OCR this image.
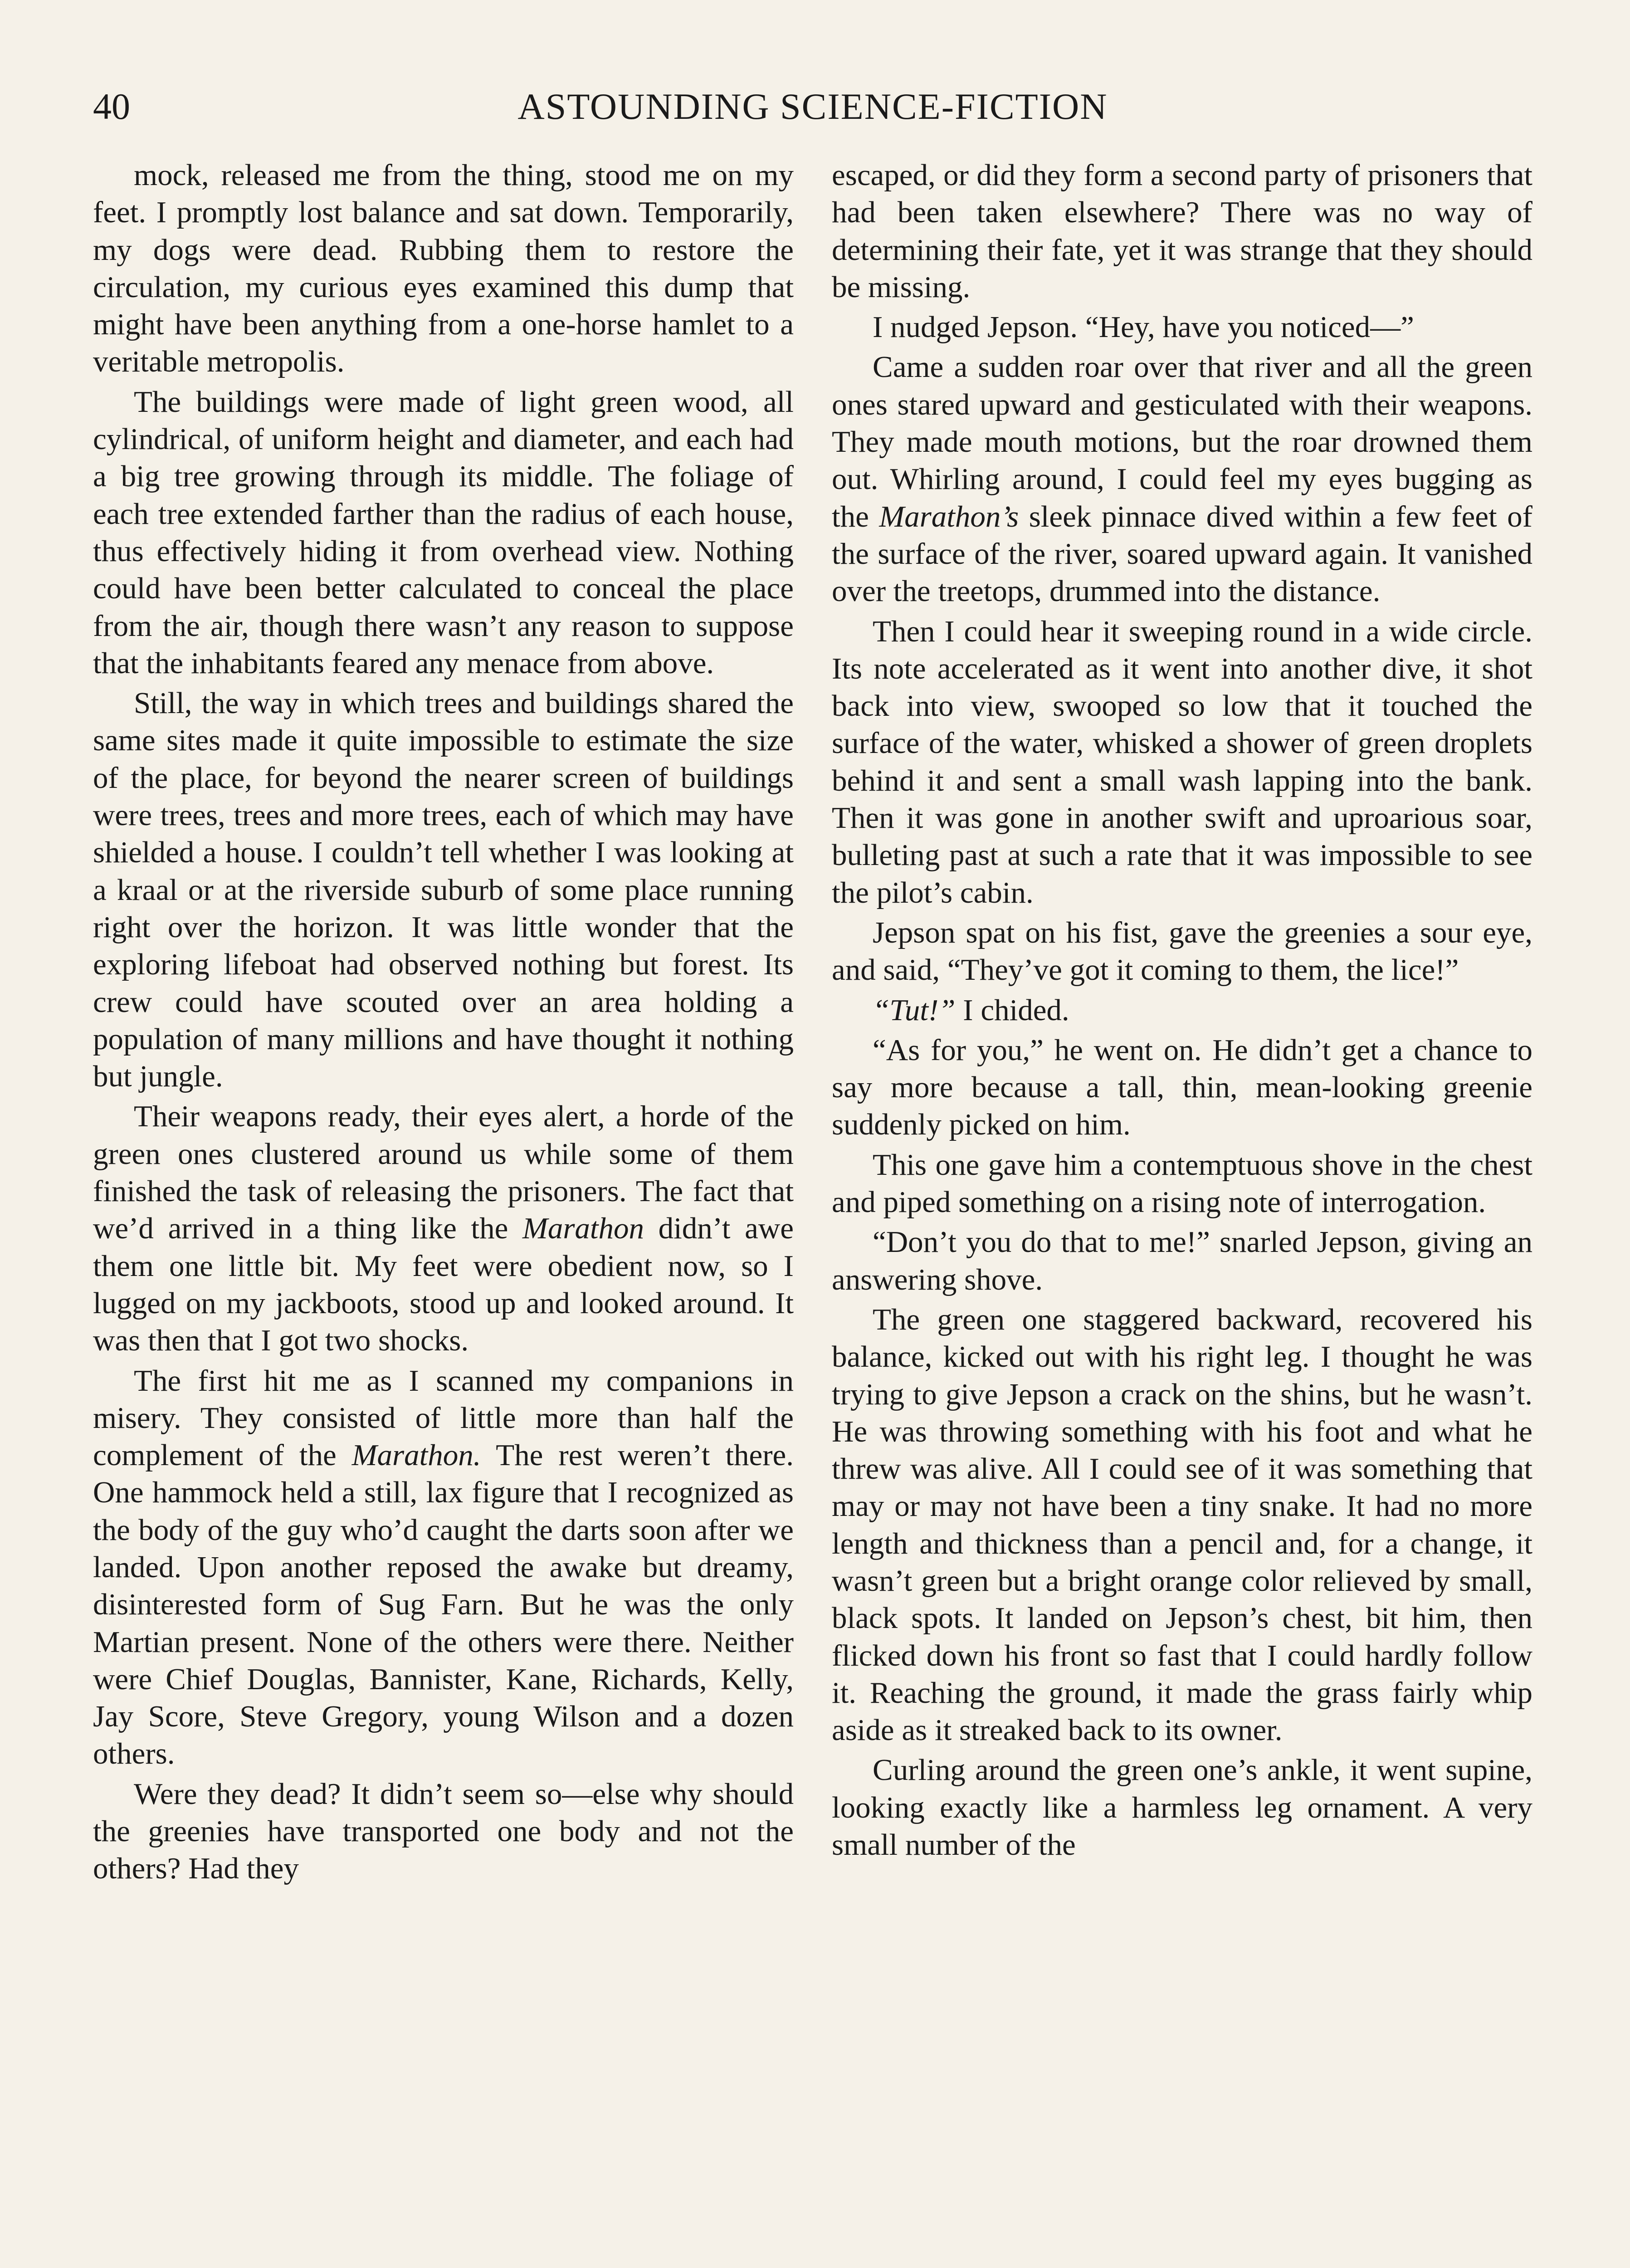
40	ASTOUNDING SCIENCE-FICTION

mock, released me from the thing, stood me on my feet. I promptly lost balance and sat down. Temporarily, my dogs were dead. Rubbing them to restore the circulation, my curious eyes examined this dump that might have been anything from a one-horse hamlet to a veritable metropolis.

The buildings were made of light green wood, all cylindrical, of uniform height and diameter, and each had a big tree growing through its middle. The foliage of each tree extended farther than the radius of each house, thus effectively hiding it from overhead view. Nothing could have been better calculated to conceal the place from the air, though there wasn’t any reason to suppose that the inhabitants feared any menace from above.

Still, the way in which trees and buildings shared the same sites made it quite impossible to estimate the size of the place, for beyond the nearer screen of buildings were trees, trees and more trees, each of which may have shielded a house. I couldn’t tell whether I was looking at a kraal or at the riverside suburb of some place running right over the horizon. It was little wonder that the exploring lifeboat had observed nothing but forest. Its crew could have scouted over an area holding a population of many millions and have thought it nothing but jungle.

Their weapons ready, their eyes alert, a horde of the green ones clustered around us while some of them finished the task of releasing the prisoners. The fact that we’d arrived in a thing like the Marathon didn’t awe them one little bit. My feet were obedient now, so I lugged on my jackboots, stood up and looked around. It was then that I got two shocks.

The first hit me as I scanned my companions in misery. They consisted of little more than half the complement of the Marathon. The rest weren’t there. One hammock held a still, lax figure that I recognized as the body of the guy who’d caught the darts soon after we landed. Upon another reposed the awake but dreamy, disinterested form of Sug Farn. But he was the only Martian present. None of the others were there. Neither were Chief Douglas, Bannister, Kane, Richards, Kelly, Jay Score, Steve Gregory, young Wilson and a dozen others.

Were they dead? It didn’t seem so—else why should the greenies have transported one body and not the others? Had they

escaped, or did they form a second party of prisoners that had been taken elsewhere? There was no way of determining their fate, yet it was strange that they should be missing.

I nudged Jepson. “Hey, have you noticed—”

Came a sudden roar over that river and all the green ones stared upward and gesticulated with their weapons. They made mouth motions, but the roar drowned them out. Whirling around, I could feel my eyes bugging as the Marathon’s sleek pinnace dived within a few feet of the surface of the river, soared upward again. It vanished over the treetops, drummed into the distance.

Then I could hear it sweeping round in a wide circle. Its note accelerated as it went into another dive, it shot back into view, swooped so low that it touched the surface of the water, whisked a shower of green droplets behind it and sent a small wash lapping into the bank. Then it was gone in another swift and uproarious soar, bulleting past at such a rate that it was impossible to see the pilot’s cabin.

Jepson spat on his fist, gave the greenies a sour eye, and said, “They’ve got it coming to them, the lice!”

“Tut!” I chided.

“As for you,” he went on. He didn’t get a chance to say more because a tall, thin, mean-looking greenie suddenly picked on him.

This one gave him a contemptuous shove in the chest and piped something on a rising note of interrogation.

“Don’t you do that to me!” snarled Jepson, giving an answering shove.

The green one staggered backward, recovered his balance, kicked out with his right leg. I thought he was trying to give Jepson a crack on the shins, but he wasn’t. He was throwing something with his foot and what he threw was alive. All I could see of it was something that may or may not have been a tiny snake. It had no more length and thickness than a pencil and, for a change, it wasn’t green but a bright orange color relieved by small, black spots. It landed on Jepson’s chest, bit him, then flicked down his front so fast that I could hardly follow it. Reaching the ground, it made the grass fairly whip aside as it streaked back to its owner.

Curling around the green one’s ankle, it went supine, looking exactly like a harmless leg ornament. A very small number of the
